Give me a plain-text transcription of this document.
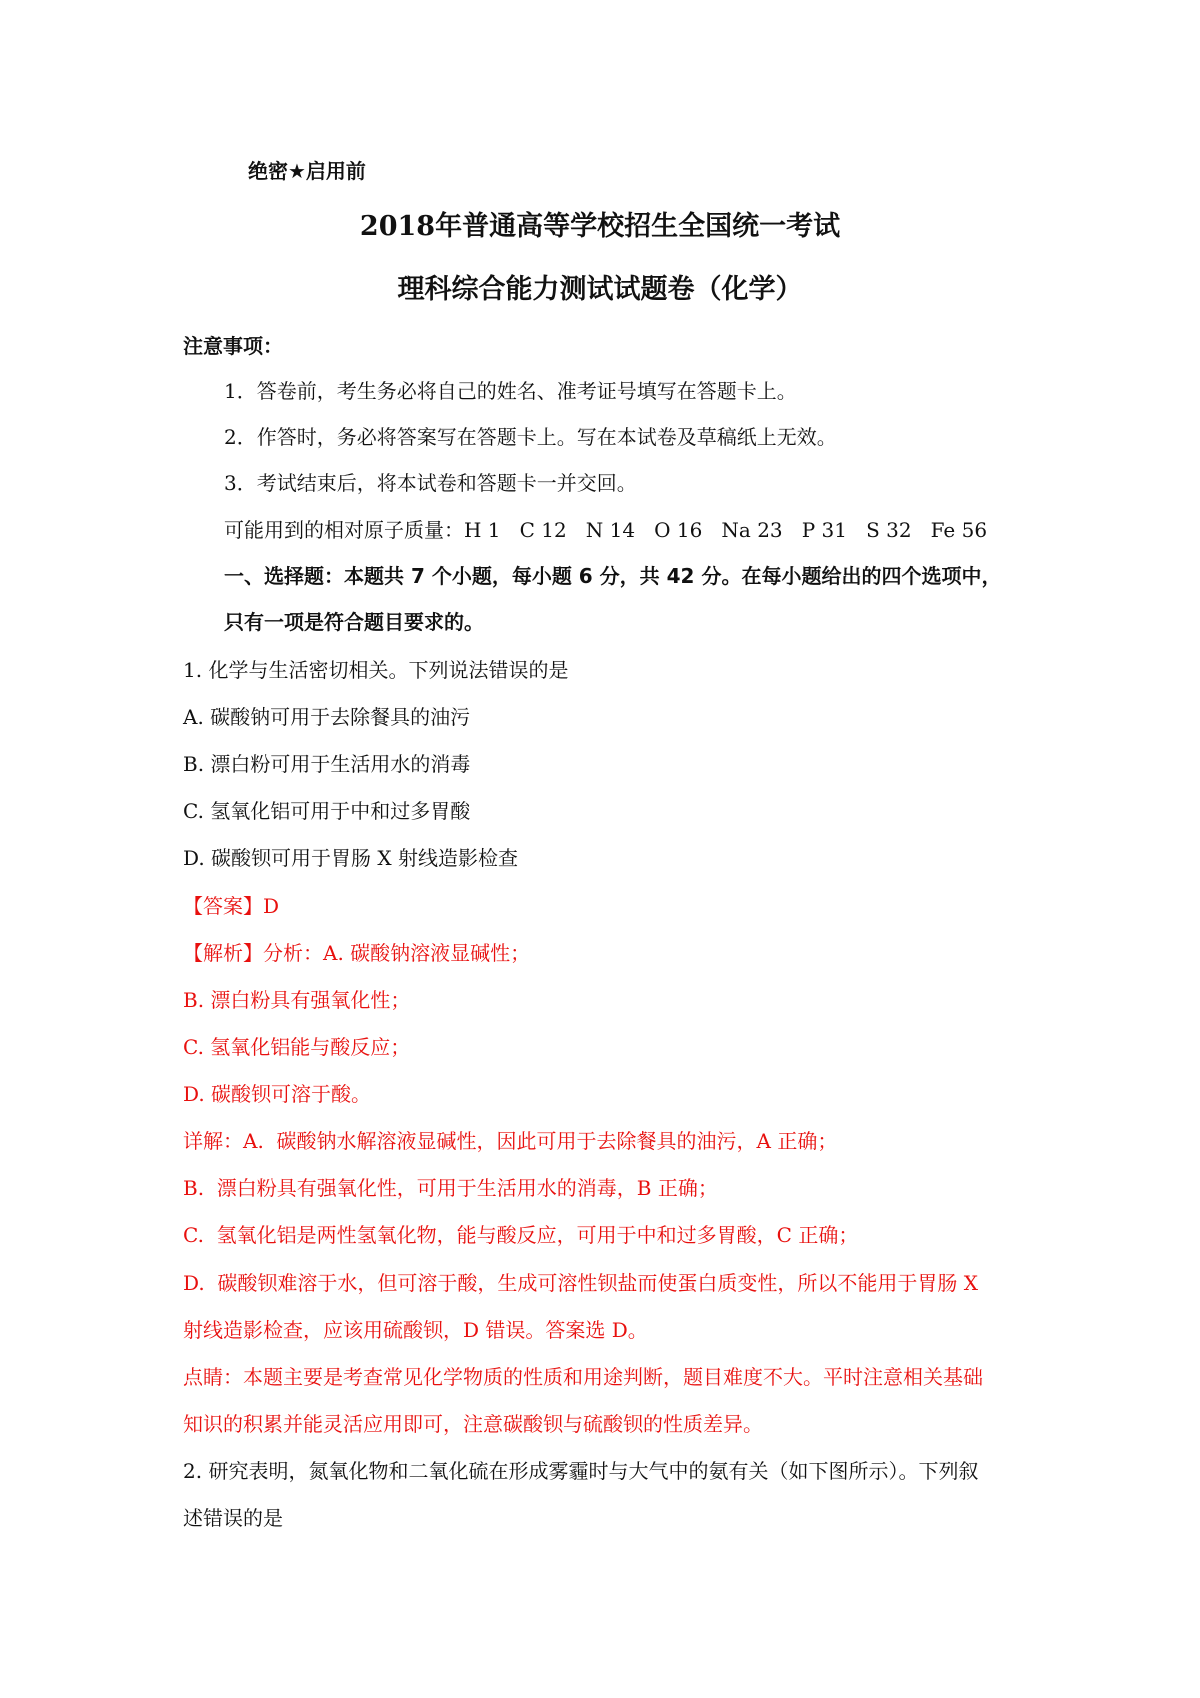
绝密★启用前
2018年普通高等学校招生全国统一考试
理科综合能力测试试题卷（化学）
注意事项：
1．答卷前，考生务必将自己的姓名、准考证号填写在答题卡上。
2．作答时，务必将答案写在答题卡上。写在本试卷及草稿纸上无效。
3．考试结束后，将本试卷和答题卡一并交回。
可能用到的相对原子质量：H 1   C 12   N 14   O 16   Na 23   P 31   S 32   Fe 56
一、选择题：本题共 7 个小题，每小题 6 分，共 42 分。在每小题给出的四个选项中，
只有一项是符合题目要求的。
1. 化学与生活密切相关。下列说法错误的是
A. 碳酸钠可用于去除餐具的油污
B. 漂白粉可用于生活用水的消毒
C. 氢氧化铝可用于中和过多胃酸
D. 碳酸钡可用于胃肠 X 射线造影检查
【答案】D
【解析】分析：A. 碳酸钠溶液显碱性；
B. 漂白粉具有强氧化性；
C. 氢氧化铝能与酸反应；
D. 碳酸钡可溶于酸。
详解：A.  碳酸钠水解溶液显碱性，因此可用于去除餐具的油污，A 正确；
B.  漂白粉具有强氧化性，可用于生活用水的消毒，B 正确；
C.  氢氧化铝是两性氢氧化物，能与酸反应，可用于中和过多胃酸，C 正确；
D.  碳酸钡难溶于水，但可溶于酸，生成可溶性钡盐而使蛋白质变性，所以不能用于胃肠 X
射线造影检查，应该用硫酸钡，D 错误。答案选 D。
点睛：本题主要是考查常见化学物质的性质和用途判断，题目难度不大。平时注意相关基础
知识的积累并能灵活应用即可，注意碳酸钡与硫酸钡的性质差异。
2. 研究表明，氮氧化物和二氧化硫在形成雾霾时与大气中的氨有关（如下图所示）。下列叙
述错误的是
